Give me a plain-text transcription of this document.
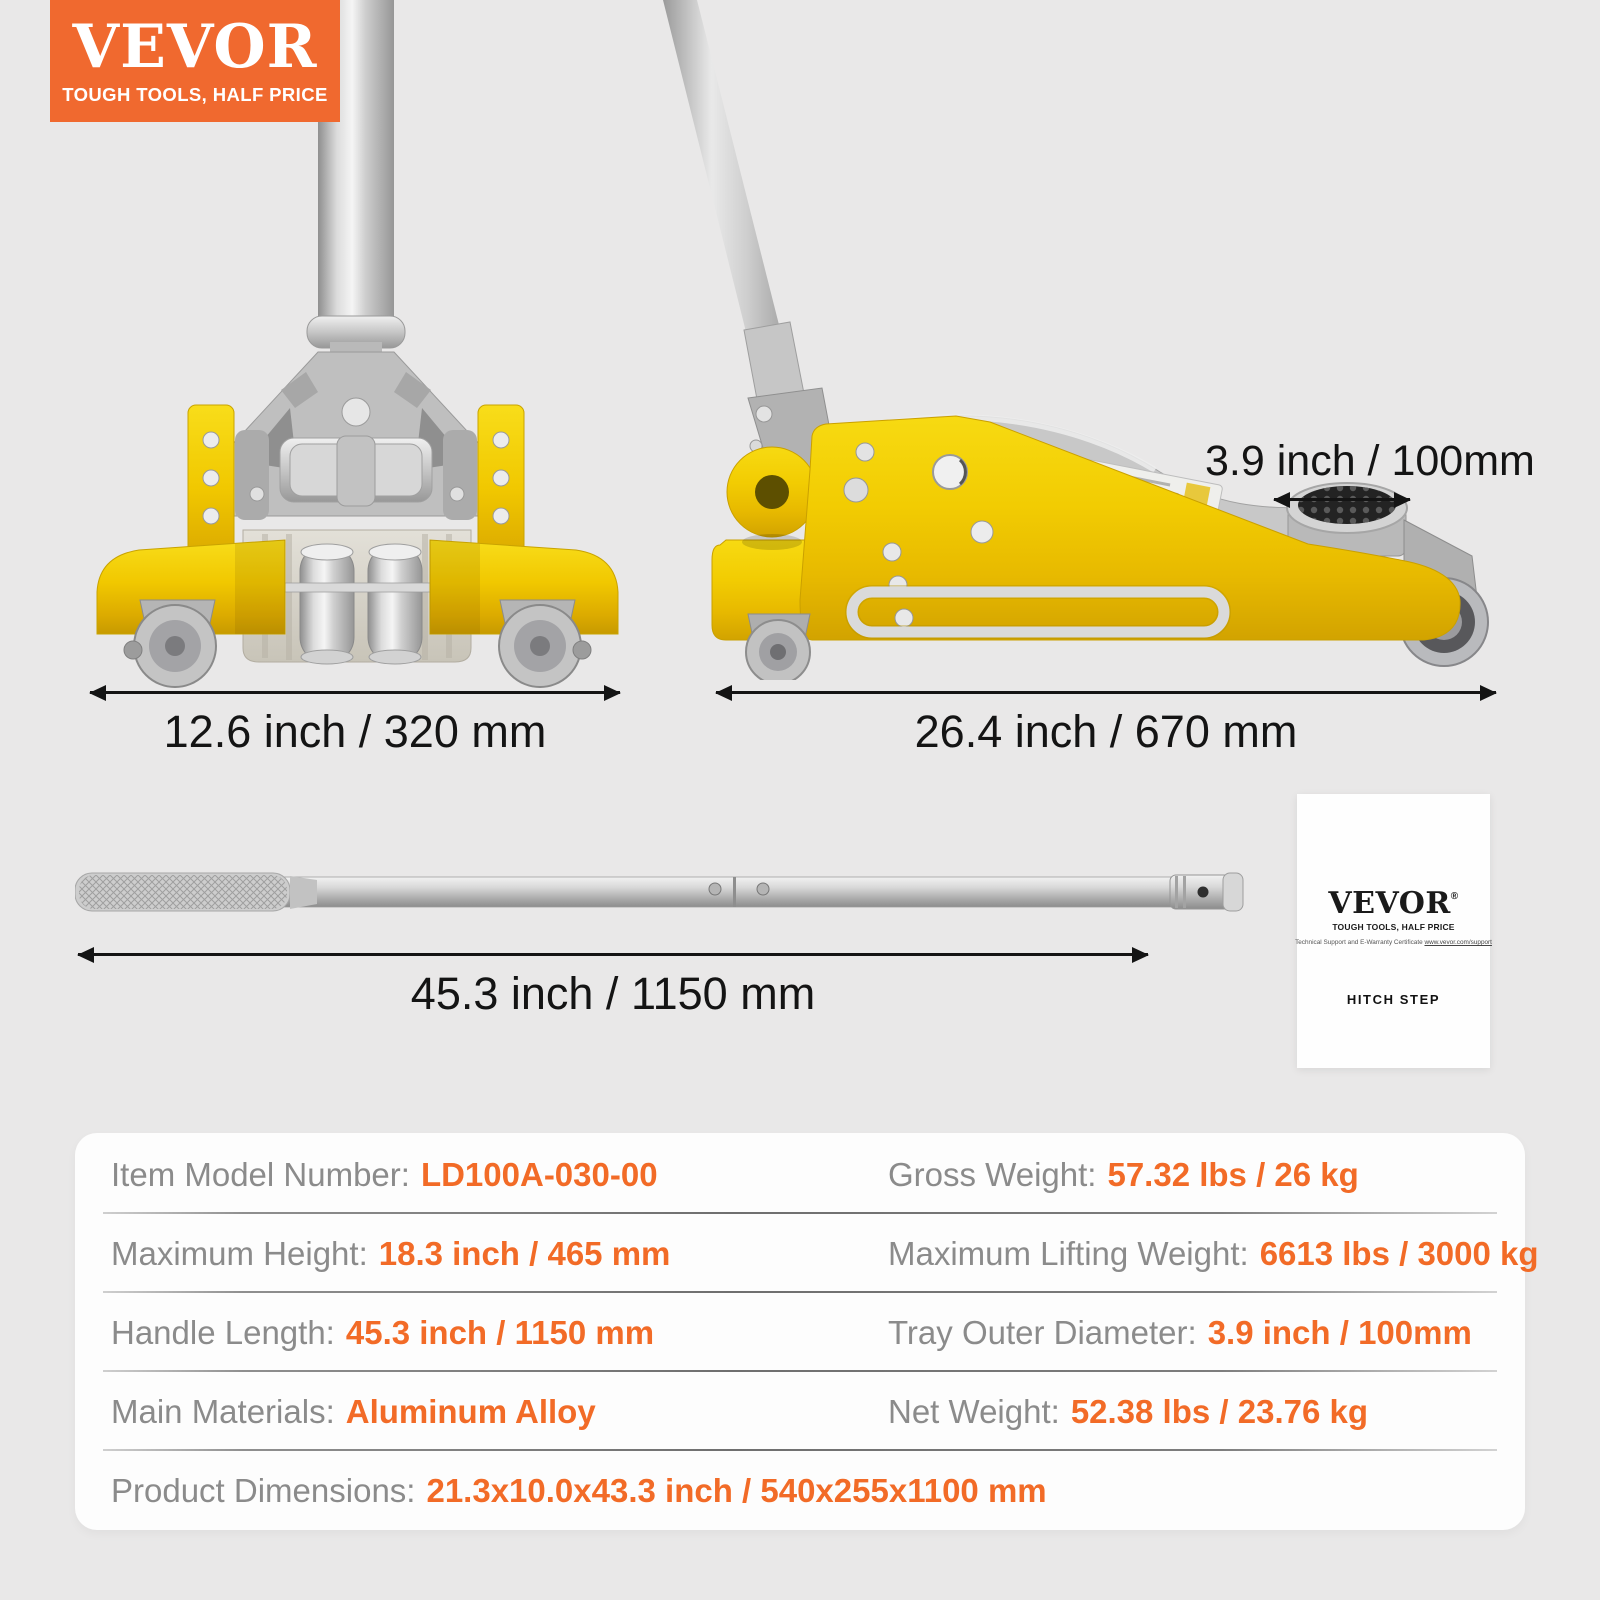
VEVOR
TOUGH TOOLS, HALF PRICE
3.9 inch / 100mm
12.6 inch / 320 mm	26.4 inch / 670 mm
45.3 inch / 1150 mm
VEVOR®
TOUGH TOOLS, HALF PRICE
Technical Support and E-Warranty Certificate www.vevor.com/support
HITCH STEP
Item Model Number: LD100A-030-00	Gross Weight: 57.32 lbs / 26 kg
Maximum Height: 18.3 inch / 465 mm	Maximum Lifting Weight: 6613 lbs / 3000 kg
Handle Length: 45.3 inch / 1150 mm	Tray Outer Diameter: 3.9 inch / 100mm
Main Materials: Aluminum Alloy	Net Weight: 52.38 lbs / 23.76 kg
Product Dimensions: 21.3x10.0x43.3 inch / 540x255x1100 mm
